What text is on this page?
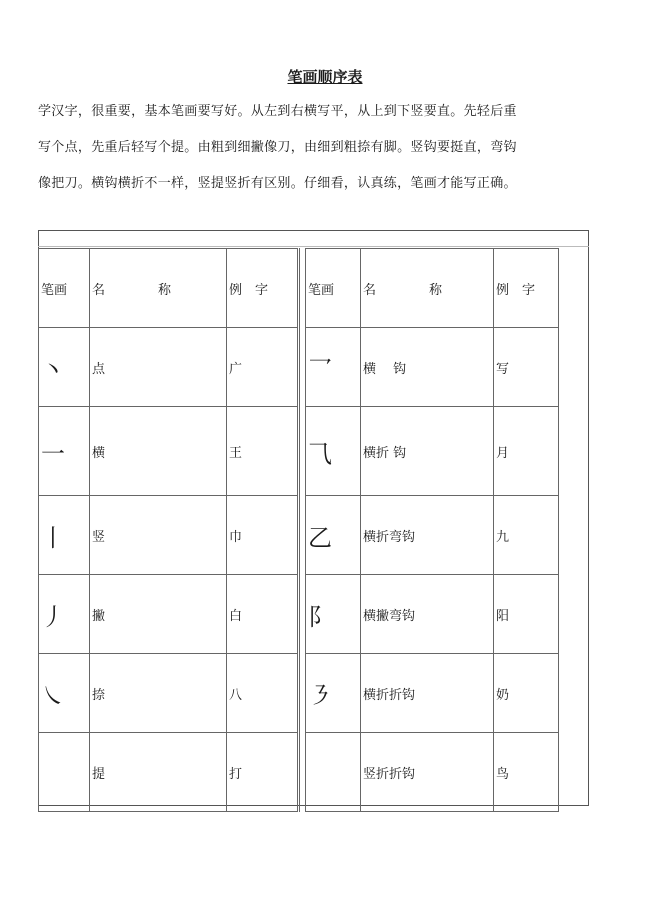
笔画顺序表

学汉字，很重要，基本笔画要写好。从左到右横写平，从上到下竖要直。先轻后重

写个点，先重后轻写个提。由粗到细撇像刀，由细到粗捺有脚。竖钩要挺直，弯钩

像把刀。横钩横折不一样，竖提竖折有区别。仔细看，认真练，笔画才能写正确。

笔画	名　称	例　字
丶	点	广
一	横	王
丨	竖	巾
丿	撇	白
㇏	捺	八
	提	打
笔画	名　称	例　字
乛	横　 钩	写
⺄	横折 钩	月
乙	横折弯钩	九
阝	横撇弯钩	阳
㇋	横折折钩	奶
	竖折折钩	鸟
